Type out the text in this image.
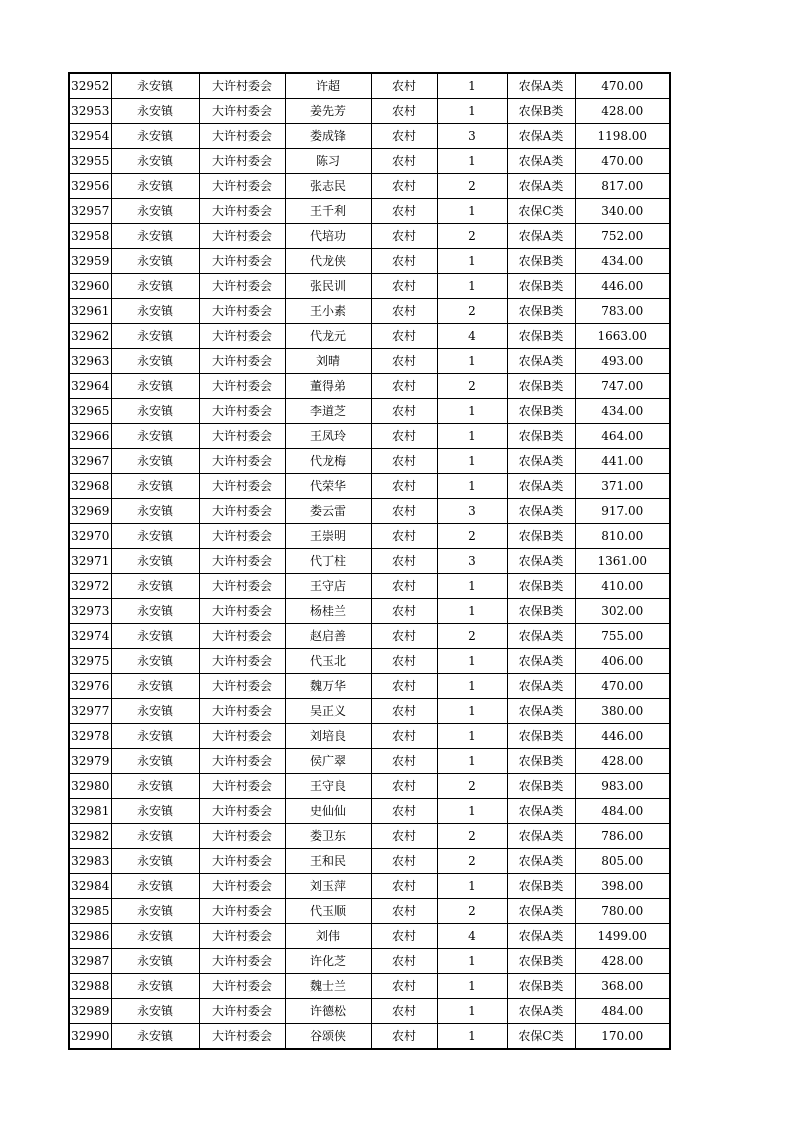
32952	永安镇	大许村委会	许超	农村	1	农保A类	470.00
32953	永安镇	大许村委会	姜先芳	农村	1	农保B类	428.00
32954	永安镇	大许村委会	娄成锋	农村	3	农保A类	1198.00
32955	永安镇	大许村委会	陈习	农村	1	农保A类	470.00
32956	永安镇	大许村委会	张志民	农村	2	农保A类	817.00
32957	永安镇	大许村委会	王千利	农村	1	农保C类	340.00
32958	永安镇	大许村委会	代培功	农村	2	农保A类	752.00
32959	永安镇	大许村委会	代龙侠	农村	1	农保B类	434.00
32960	永安镇	大许村委会	张民训	农村	1	农保B类	446.00
32961	永安镇	大许村委会	王小素	农村	2	农保B类	783.00
32962	永安镇	大许村委会	代龙元	农村	4	农保B类	1663.00
32963	永安镇	大许村委会	刘晴	农村	1	农保A类	493.00
32964	永安镇	大许村委会	董得弟	农村	2	农保B类	747.00
32965	永安镇	大许村委会	李道芝	农村	1	农保B类	434.00
32966	永安镇	大许村委会	王凤玲	农村	1	农保B类	464.00
32967	永安镇	大许村委会	代龙梅	农村	1	农保A类	441.00
32968	永安镇	大许村委会	代荣华	农村	1	农保A类	371.00
32969	永安镇	大许村委会	娄云雷	农村	3	农保A类	917.00
32970	永安镇	大许村委会	王崇明	农村	2	农保B类	810.00
32971	永安镇	大许村委会	代丁柱	农村	3	农保A类	1361.00
32972	永安镇	大许村委会	王守店	农村	1	农保B类	410.00
32973	永安镇	大许村委会	杨桂兰	农村	1	农保B类	302.00
32974	永安镇	大许村委会	赵启善	农村	2	农保A类	755.00
32975	永安镇	大许村委会	代玉北	农村	1	农保A类	406.00
32976	永安镇	大许村委会	魏万华	农村	1	农保A类	470.00
32977	永安镇	大许村委会	吴正义	农村	1	农保A类	380.00
32978	永安镇	大许村委会	刘培良	农村	1	农保B类	446.00
32979	永安镇	大许村委会	侯广翠	农村	1	农保B类	428.00
32980	永安镇	大许村委会	王守良	农村	2	农保B类	983.00
32981	永安镇	大许村委会	史仙仙	农村	1	农保A类	484.00
32982	永安镇	大许村委会	娄卫东	农村	2	农保A类	786.00
32983	永安镇	大许村委会	王和民	农村	2	农保A类	805.00
32984	永安镇	大许村委会	刘玉萍	农村	1	农保B类	398.00
32985	永安镇	大许村委会	代玉顺	农村	2	农保A类	780.00
32986	永安镇	大许村委会	刘伟	农村	4	农保A类	1499.00
32987	永安镇	大许村委会	许化芝	农村	1	农保B类	428.00
32988	永安镇	大许村委会	魏士兰	农村	1	农保B类	368.00
32989	永安镇	大许村委会	许德松	农村	1	农保A类	484.00
32990	永安镇	大许村委会	谷颂侠	农村	1	农保C类	170.00
